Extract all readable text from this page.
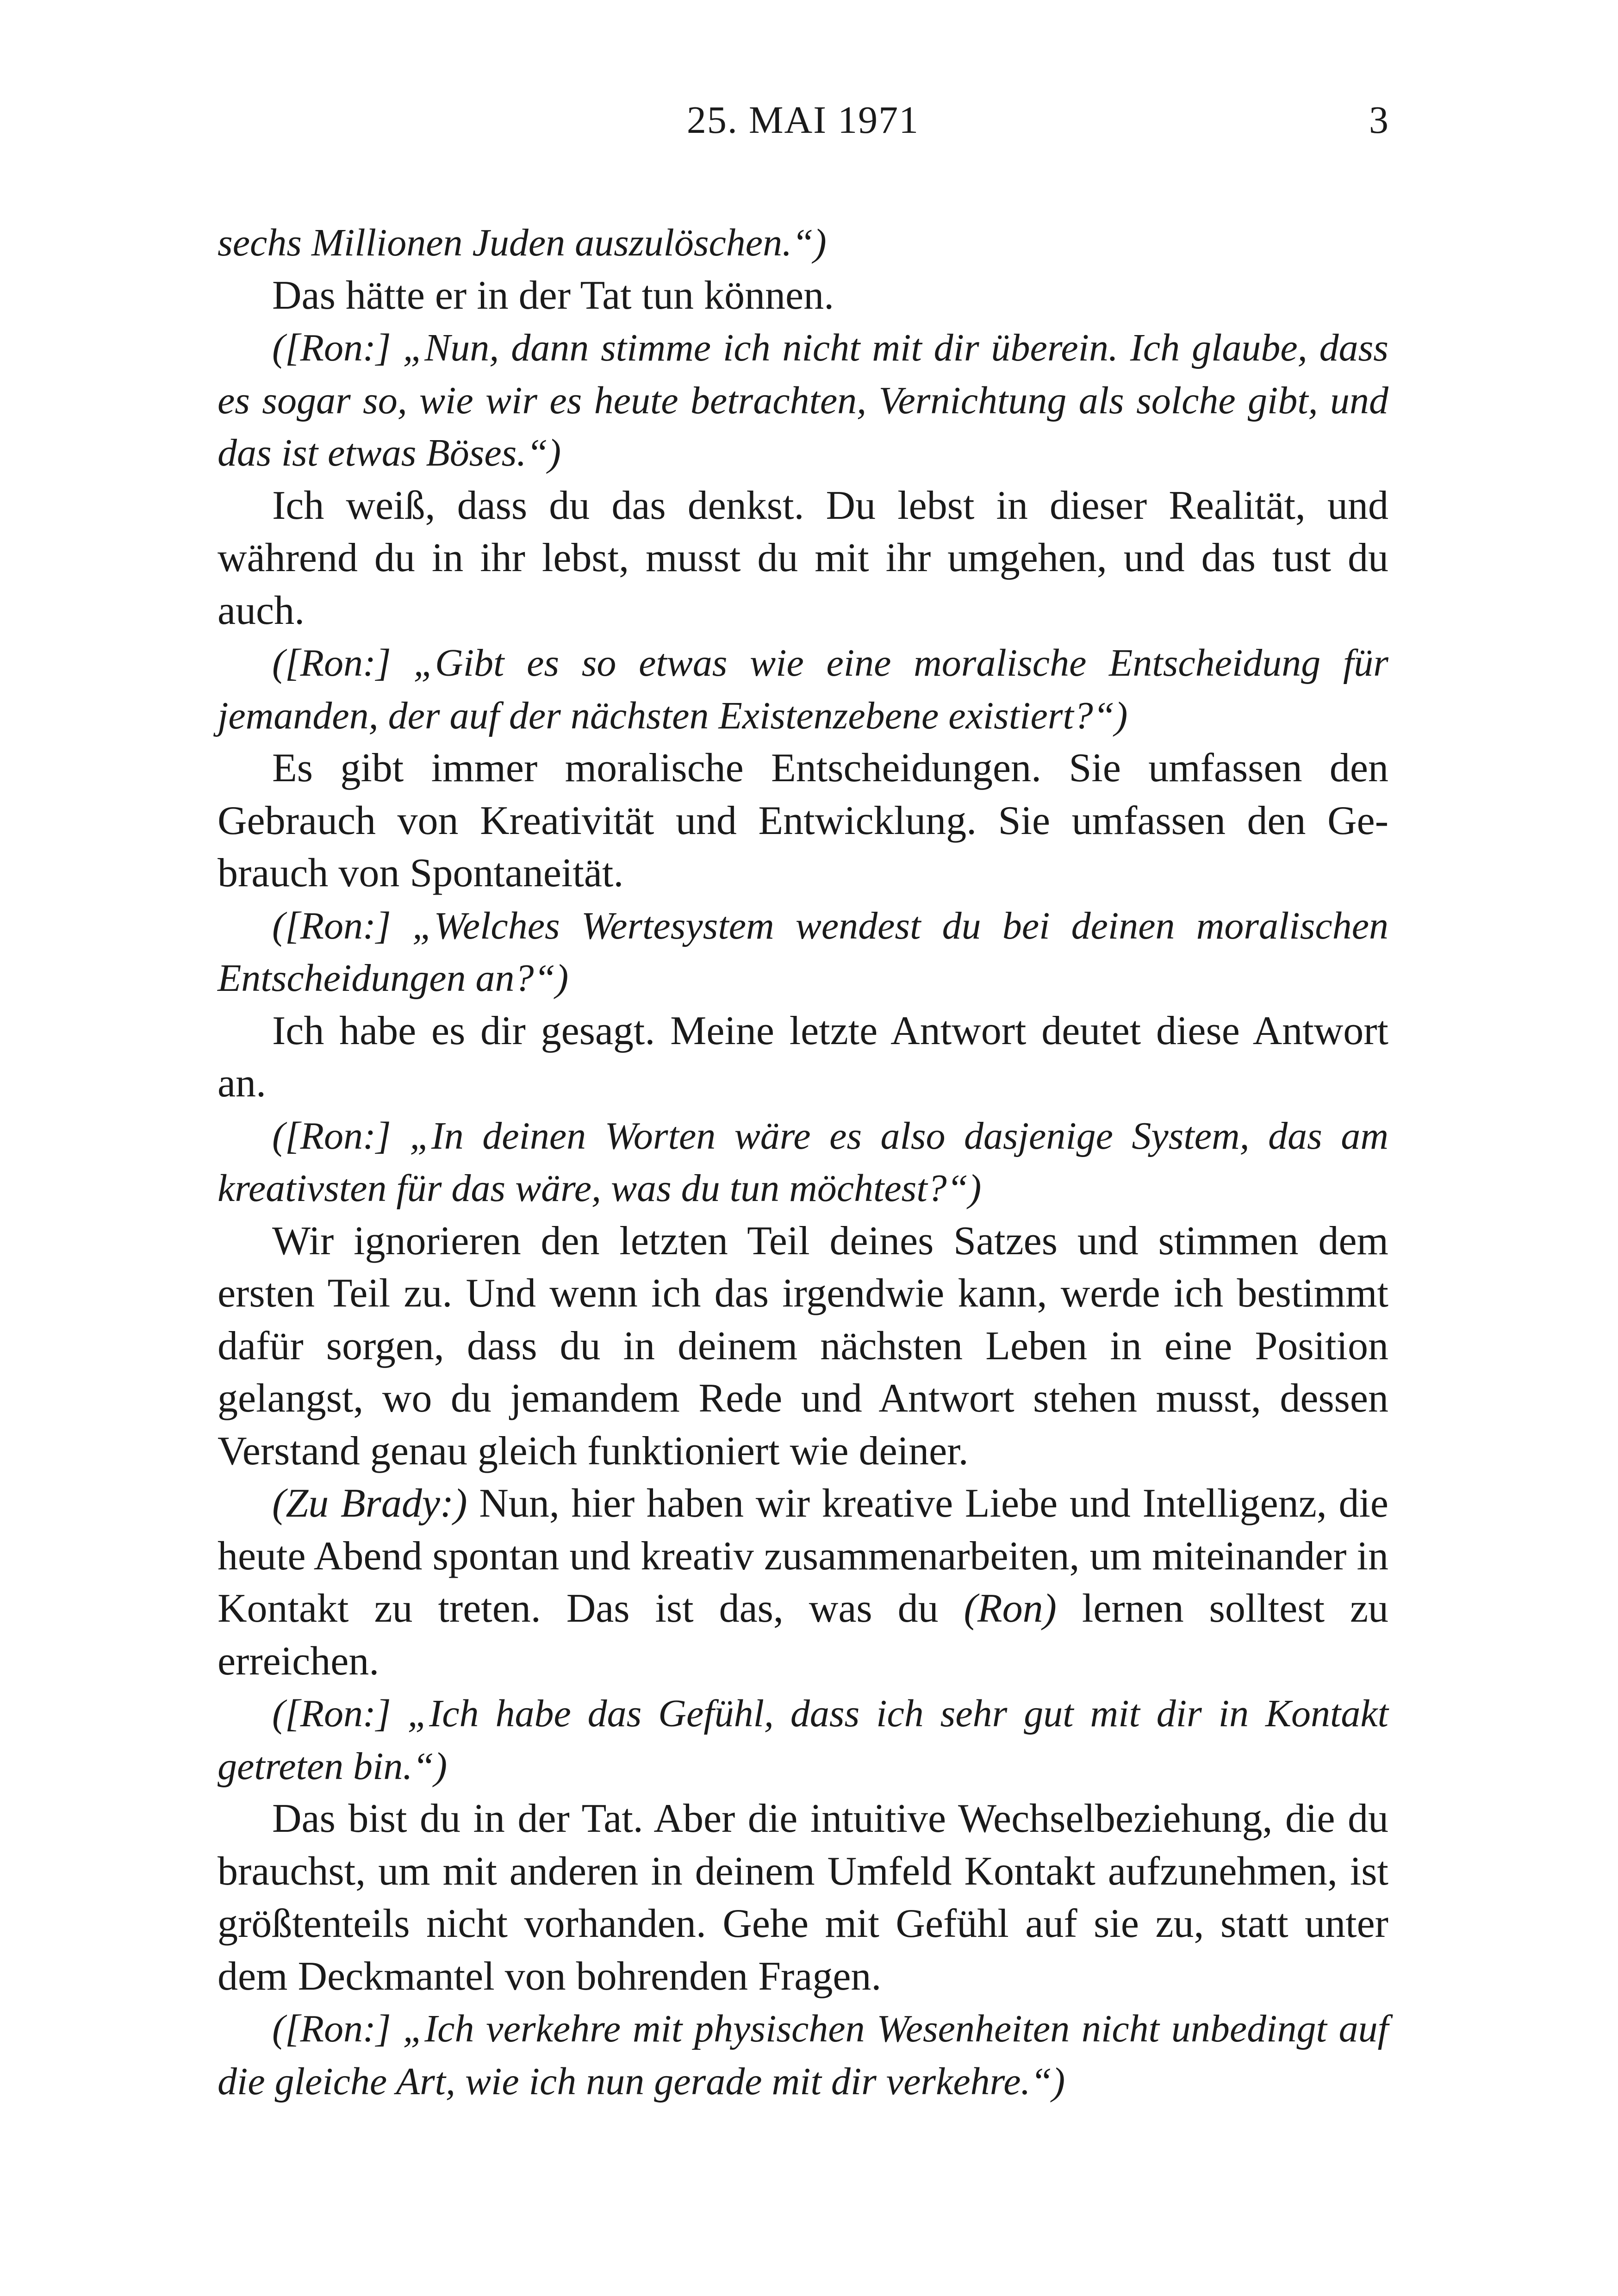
25. MAI 1971	3

sechs Millionen Juden auszulöschen.“)

Das hätte er in der Tat tun können.

([Ron:] „Nun, dann stimme ich nicht mit dir überein. Ich glaube, dass es sogar so, wie wir es heute betrachten, Vernichtung als solche gibt, und das ist etwas Böses.“)

Ich weiß, dass du das denkst. Du lebst in dieser Realität, und während du in ihr lebst, musst du mit ihr umgehen, und das tust du auch.

([Ron:] „Gibt es so etwas wie eine moralische Entscheidung für jemanden, der auf der nächsten Existenzebene existiert?“)

Es gibt immer moralische Entscheidungen. Sie umfassen den Gebrauch von Kreativität und Entwicklung. Sie umfassen den Gebrauch von Spontaneität.

([Ron:] „Welches Wertesystem wendest du bei deinen moralischen Entscheidungen an?“)

Ich habe es dir gesagt. Meine letzte Antwort deutet diese Antwort an.

([Ron:] „In deinen Worten wäre es also dasjenige System, das am kreativsten für das wäre, was du tun möchtest?“)

Wir ignorieren den letzten Teil deines Satzes und stimmen dem ersten Teil zu. Und wenn ich das irgendwie kann, werde ich bestimmt dafür sorgen, dass du in deinem nächsten Leben in eine Position gelangst, wo du jemandem Rede und Antwort stehen musst, dessen Verstand genau gleich funktioniert wie deiner.

(Zu Brady:) Nun, hier haben wir kreative Liebe und Intelligenz, die heute Abend spontan und kreativ zusammenarbeiten, um miteinander in Kontakt zu treten. Das ist das, was du (Ron) lernen solltest zu erreichen.

([Ron:] „Ich habe das Gefühl, dass ich sehr gut mit dir in Kontakt getreten bin.“)

Das bist du in der Tat. Aber die intuitive Wechselbeziehung, die du brauchst, um mit anderen in deinem Umfeld Kontakt aufzunehmen, ist größtenteils nicht vorhanden. Gehe mit Gefühl auf sie zu, statt unter dem Deckmantel von bohrenden Fragen.

([Ron:] „Ich verkehre mit physischen Wesenheiten nicht unbedingt auf die gleiche Art, wie ich nun gerade mit dir verkehre.“)
